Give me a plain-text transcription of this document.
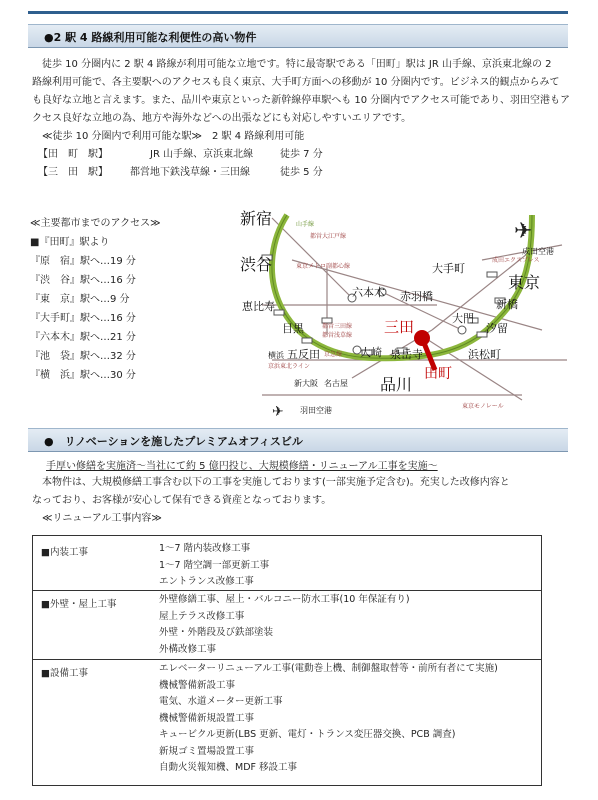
●2 駅 4 路線利用可能な利便性の高い物件

徒歩 10 分圏内に 2 駅 4 路線が利用可能な立地です。特に最寄駅である「田町」駅は JR 山手線、京浜東北線の 2

路線利用可能で、各主要駅へのアクセスも良く東京、大手町方面への移動が 10 分圏内です。ビジネス的観点からみて

も良好な立地と言えます。また、品川や東京といった新幹線停車駅へも 10 分圏内でアクセス可能であり、羽田空港もア

クセス良好な立地の為、地方や海外などへの出張などにも対応しやすいエリアです。

≪徒歩 10 分圏内で利用可能な駅≫　2 駅 4 路線利用可能
【田　町　駅】	JR 山手線、京浜東北線	徒歩 7 分
【三　田　駅】	都営地下鉄浅草線・三田線	徒歩 5 分
≪主要都市までのアクセス≫
■『田町』駅より
『原　宿』駅へ…19 分
『渋　谷』駅へ…16 分
『東　京』駅へ…9 分
『大手町』駅へ…16 分
『六本木』駅へ…21 分
『池　袋』駅へ…32 分
『横　浜』駅へ…30 分
✈
✈
新宿
渋谷
恵比寿
目黒
五反田	大崎
品川
泉岳寺
三田
田町
浜松町
汐留
大門
新橋
東京
大手町
六本木 赤羽橋
新大阪 名古屋
羽田空港
成田空港
横浜
山手線
都営大江戸線
東京メトロ副都心線
都営三田線
都営浅草線
京急線
京浜東北ライン
東京モノレール
成田エクスプレス
●　リノベーションを施したプレミアムオフィスビル
手厚い修繕を実施済～当社にて約 5 億円投じ、大規模修繕・リニューアル工事を実施～

本物件は、大規模修繕工事含む以下の工事を実施しております(一部実施予定含む)。充実した改修内容と

なっており、お客様が安心して保有できる資産となっております。

≪リニューアル工事内容≫

■内装工事	1～7 階内装改修工事
1～7 階空調一部更新工事
エントランス改修工事
■外壁・屋上工事	外壁修繕工事、屋上・バルコニー防水工事(10 年保証有り)
屋上テラス改修工事
外壁・外階段及び鉄部塗装
外構改修工事
■設備工事	エレベーターリニューアル工事(電動巻上機、制御盤取替等・前所有者にて実施)
機械警備新設工事
電気、水道メーター更新工事
機械警備新規設置工事
キュービクル更新(LBS 更新、電灯・トランス変圧器交換、PCB 調査)
新規ゴミ置場設置工事
自動火災報知機、MDF 移設工事
